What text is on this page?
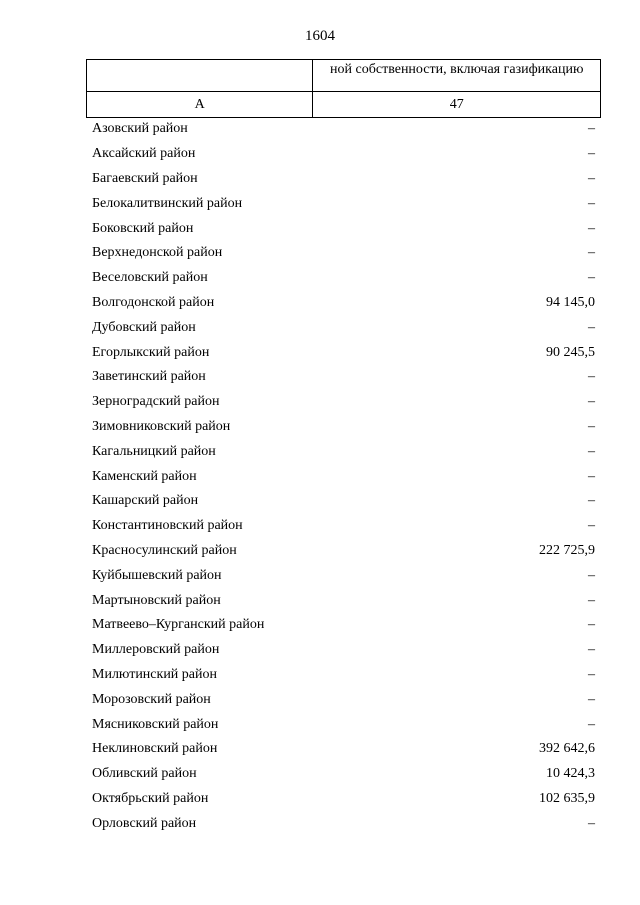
1604
	ной собственности, включая газификацию
А	47
Азовский район	–
Аксайский район	–
Багаевский район	–
Белокалитвинский район	–
Боковский район	–
Верхнедонской район	–
Веселовский район	–
Волгодонской район	94 145,0
Дубовский район	–
Егорлыкский район	90 245,5
Заветинский район	–
Зерноградский район	–
Зимовниковский район	–
Кагальницкий район	–
Каменский район	–
Кашарский район	–
Константиновский район	–
Красносулинский район	222 725,9
Куйбышевский район	–
Мартыновский район	–
Матвеево–Курганский район	–
Миллеровский район	–
Милютинский район	–
Морозовский район	–
Мясниковский район	–
Неклиновский район	392 642,6
Обливский район	10 424,3
Октябрьский район	102 635,9
Орловский район	–
